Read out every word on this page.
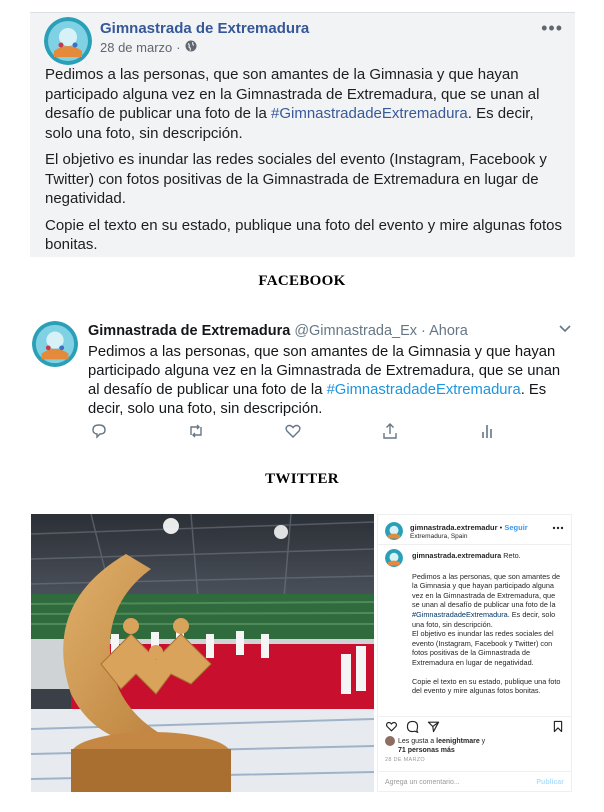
Gimnastrada de Extremadura
28 de marzo ·
•••

Pedimos a las personas, que son amantes de la Gimnasia y que hayan participado alguna vez en la Gimnastrada de Extremadura, que se unan al desafío de publicar una foto de la #GimnastradadeExtremadura. Es decir, solo una foto, sin descripción.

El objetivo es inundar las redes sociales del evento (Instagram, Facebook y Twitter) con fotos positivas de la Gimnastrada de Extremadura en lugar de negatividad.

Copie el texto en su estado, publique una foto del evento y mire algunas fotos bonitas.

FACEBOOK
Gimnastrada de Extremadura @Gimnastrada_Ex · Ahora
Pedimos a las personas, que son amantes de la Gimnasia y que hayan participado alguna vez en la Gimnastrada de Extremadura, que se unan al desafío de publicar una foto de la #GimnastradadeExtremadura. Es decir, solo una foto, sin descripción.
TWITTER
gimnastrada.extremadur • Seguir
Extremadura, Spain
gimnastrada.extremadura Reto.

Pedimos a las personas, que son amantes de la Gimnasia y que hayan participado alguna vez en la Gimnastrada de Extremadura, que se unan al desafío de publicar una foto de la #GimnastradadeExtremadura. Es decir, solo una foto, sin descripción.

El objetivo es inundar las redes sociales del evento (Instagram, Facebook y Twitter) con fotos positivas de la Gimnastrada de Extremadura en lugar de negatividad.

Copie el texto en su estado, publique una foto del evento y mire algunas fotos bonitas.

Les gusta a leenightmare y
71 personas más
28 DE MARZO
Agrega un comentario...	Publicar
